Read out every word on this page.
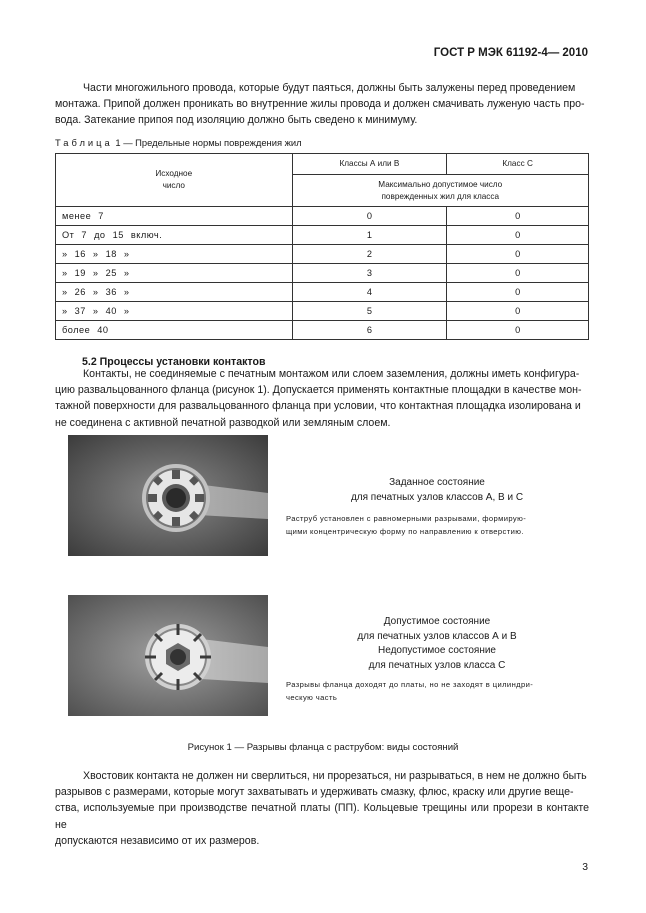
ГОСТ Р МЭК 61192-4— 2010

Части многожильного провода, которые будут паяться, должны быть залужены перед проведением

монтажа. Припой должен проникать во внутренние жилы провода и должен смачивать луженую часть про-
вода. Затекание припоя под изоляцию должно быть сведено к минимуму.
Таблица 1 — Предельные нормы повреждения жил
Исходное
число	Классы А или В	Класс С

	Максимально допустимое число
поврежденных жил для класса	

менее 7	0	0
От 7 до 15 включ.	1	0
» 16 » 18 »	2	0
» 19 » 25 »	3	0
» 26 » 36 »	4	0
» 37 » 40 »	5	0
более 40	6	0
5.2 Процессы установки контактов

Контакты, не соединяемые с печатным монтажом или слоем заземления, должны иметь конфигура-

цию развальцованного фланца (рисунок 1). Допускается применять контактные площадки в качестве мон-
тажной поверхности для развальцованного фланца при условии, что контактная площадка изолирована и
не соединена с активной печатной разводкой или земляным слоем.
Заданное состояние
для печатных узлов классов А, В и С
Раструб установлен с равномерными разрывами, формирую-
щими концентрическую форму по направлению к отверстию.
Допустимое состояние
для печатных узлов классов А и В
Недопустимое состояние
для печатных узлов класса С
Разрывы фланца доходят до платы, но не заходят в цилиндри-
ческую часть
Рисунок 1 — Разрывы фланца с раструбом: виды состояний

Хвостовик контакта не должен ни сверлиться, ни прорезаться, ни разрываться, в нем не должно быть

разрывов с размерами, которые могут захватывать и удерживать смазку, флюс, краску или другие веще-
ства, используемые при производстве печатной платы (ПП). Кольцевые трещины или прорези в контакте не
допускаются независимо от их размеров.
3
